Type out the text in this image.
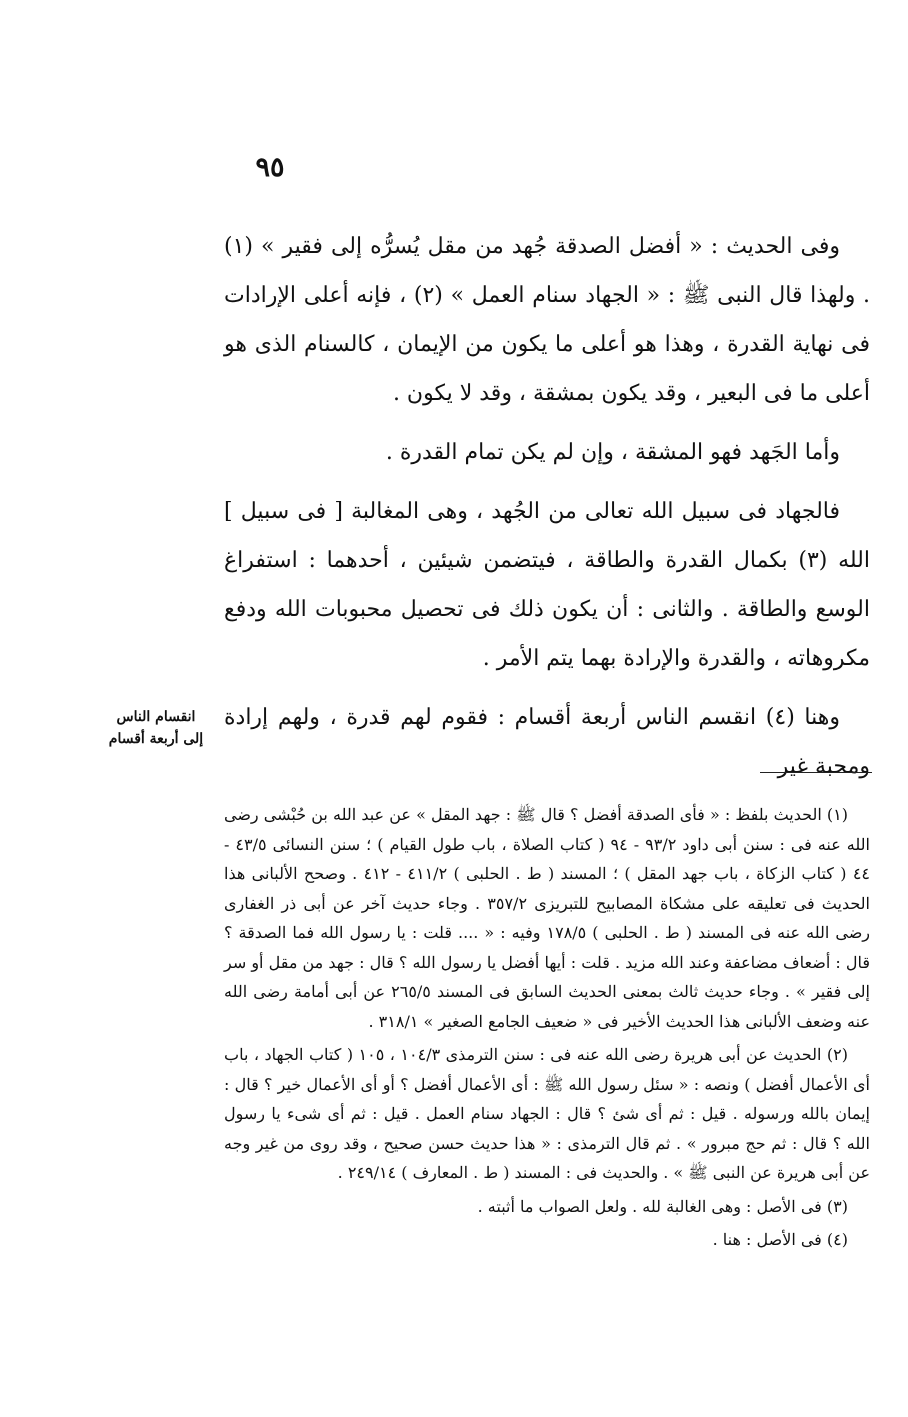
٩٥

وفى الحديث : « أفضل الصدقة جُهد من مقل يُسرُّه إلى فقير » (١) . ولهذا قال النبى ﷺ : « الجهاد سنام العمل » (٢) ، فإنه أعلى الإرادات فى نهاية القدرة ، وهذا هو أعلى ما يكون من الإيمان ، كالسنام الذى هو أعلى ما فى البعير ، وقد يكون بمشقة ، وقد لا يكون .

وأما الجَهد فهو المشقة ، وإن لم يكن تمام القدرة .

فالجهاد فى سبيل الله تعالى من الجُهد ، وهى المغالبة [ فى سبيل ] الله (٣) بكمال القدرة والطاقة ، فيتضمن شيئين ، أحدهما : استفراغ الوسع والطاقة . والثانى : أن يكون ذلك فى تحصيل محبوبات الله ودفع مكروهاته ، والقدرة والإرادة بهما يتم الأمر .

وهنا (٤) انقسم الناس أربعة أقسام : فقوم لهم قدرة ، ولهم إرادة ومحبة غير

انقسام الناس
إلى أربعة أقسام

(١) الحديث بلفظ : « فأى الصدقة أفضل ؟ قال ﷺ : جهد المقل » عن عبد الله بن حُبْشى رضى الله عنه فى : سنن أبى داود ٩٣/٢ - ٩٤ ( كتاب الصلاة ، باب طول القيام ) ؛ سنن النسائى ٤٣/٥ - ٤٤ ( كتاب الزكاة ، باب جهد المقل ) ؛ المسند ( ط . الحلبى ) ٤١١/٢ - ٤١٢ . وصحح الألبانى هذا الحديث فى تعليقه على مشكاة المصابيح للتبريزى ٣٥٧/٢ . وجاء حديث آخر عن أبى ذر الغفارى رضى الله عنه فى المسند ( ط . الحلبى ) ١٧٨/٥ وفيه : « .... قلت : يا رسول الله فما الصدقة ؟ قال : أضعاف مضاعفة وعند الله مزيد . قلت : أيها أفضل يا رسول الله ؟ قال : جهد من مقل أو سر إلى فقير » . وجاء حديث ثالث بمعنى الحديث السابق فى المسند ٢٦٥/٥ عن أبى أمامة رضى الله عنه وضعف الألبانى هذا الحديث الأخير فى « ضعيف الجامع الصغير » ٣١٨/١ .

(٢) الحديث عن أبى هريرة رضى الله عنه فى : سنن الترمذى ١٠٤/٣ ، ١٠٥ ( كتاب الجهاد ، باب أى الأعمال أفضل ) ونصه : « سئل رسول الله ﷺ : أى الأعمال أفضل ؟ أو أى الأعمال خير ؟ قال : إيمان بالله ورسوله . قيل : ثم أى شئ ؟ قال : الجهاد سنام العمل . قيل : ثم أى شىء يا رسول الله ؟ قال : ثم حج مبرور » . ثم قال الترمذى : « هذا حديث حسن صحيح ، وقد روى من غير وجه عن أبى هريرة عن النبى ﷺ » . والحديث فى : المسند ( ط . المعارف ) ٢٤٩/١٤ .

(٣) فى الأصل : وهى الغالبة لله . ولعل الصواب ما أثبته .

(٤) فى الأصل : هنا .
